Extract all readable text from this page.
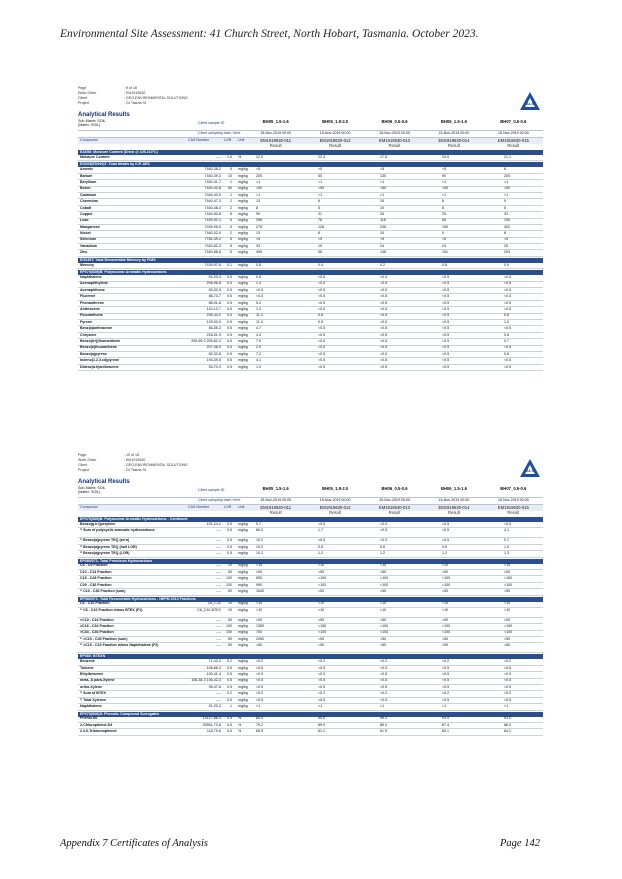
Environmental Site Assessment: 41 Church Street, North Hobart, Tasmania. October 2023.
Page	: 9 of 18
Work Order	: EM1919630
Client	: GEO-ENVIRONMENTAL SOLUTIONS
Project	: 24 Tasma St	ALS
Analytical Results
Sub-Matrix: SOIL
(Matrix: SOIL)	Client sample ID	BH05_1.5-1.6	BH05_1.8-2.0	BH06_0.5-0.6	BH06_1.5-1.6	BH07_0.5-0.6
Client sampling date / time	15-Nov-2019 00:00	15-Nov-2019 00:00	15-Nov-2019 00:00	15-Nov-2019 00:00	15-Nov-2019 00:00
Compound	CAS Number	LOR Unit	EM1919630-011	EM1919630-012	EM1919630-013	EM1919630-014	EM1919630-015
Result	Result	Result	Result	Result
EA055: Moisture Content (Dried @ 105-110°C)
Moisture Content	----	1.0 %	22.0	22.4	17.5	24.5	21.1
EG005(ED093)T: Total Metals by ICP-AES
Arsenic	7440-38-2	5 mg/kg <5	<5	<5	<5	6
Barium	7440-39-3	10 mg/kg 200	50	130	90	200
Beryllium	7440-41-7	1 mg/kg <1	<1	<1	<1	<1
Boron	7440-42-8	50 mg/kg <50	<50	<50	<50	<50
Cadmium	7440-43-9	1 mg/kg <1	<1	<1	<1	<1
Chromium	7440-47-3	2 mg/kg 13	6	15	8	9
Cobalt	7440-48-4	2 mg/kg 8	5	10	6	6
Copper	7440-50-8	5 mg/kg 90	31	25	25	33
Lead	7439-92-1	5 mg/kg 296	76	116	84	190
Manganese	7439-96-5	5 mg/kg 275	128	246	159	402
Nickel	7440-02-0	2 mg/kg 13	8	15	9	8
Selenium	7782-49-2	5 mg/kg <5	<5	<5	<5	<5
Vanadium	7440-62-2	5 mg/kg 33	19	24	24	20
Zinc	7440-66-6	5 mg/kg 499	96	148	101	203
EG035T: Total Recoverable Mercury by FIMS
Mercury	7439-97-6	0.1 mg/kg 0.8	0.4	0.2	0.8	0.9
EP075(SIM)B: Polynuclear Aromatic Hydrocarbons
Naphthalene	91-20-3	0.5 mg/kg 0.8	<0.5	<0.5	<0.5	<0.5
Acenaphthylene	208-96-8	0.5 mg/kg 1.4	<0.5	<0.5	<0.5	<0.5
Acenaphthene	83-32-9	0.5 mg/kg <0.5	<0.5	<0.5	<0.5	<0.5
Fluorene	86-73-7	0.5 mg/kg <0.5	<0.5	<0.5	<0.5	<0.5
Phenanthrene	85-01-8	0.5 mg/kg 5.2	<0.5	<0.5	<0.5	<0.5
Anthracene	120-12-7	0.5 mg/kg 1.3	<0.5	<0.5	<0.5	<0.5
Fluoranthene	206-44-0	0.5 mg/kg 11.4	0.8	<0.5	<0.5	0.8
Pyrene	129-00-0	0.5 mg/kg 11.4	0.9	<0.5	<0.5	1.0
Benz(a)anthracene	56-55-3	0.5 mg/kg 4.7	<0.5	<0.5	<0.5	<0.5
Chrysene	218-01-9	0.5 mg/kg 4.4	<0.5	<0.5	<0.5	0.6
Benzo(b+j)fluoranthene	205-99-2 205-82-3	0.5 mg/kg 7.9	<0.5	<0.5	<0.5	0.7
Benzo(k)fluoranthene	207-08-9	0.5 mg/kg 2.9	<0.5	<0.5	<0.5	<0.5
Benzo(a)pyrene	50-32-8	0.5 mg/kg 7.2	<0.5	<0.5	<0.5	0.6
Indeno(1.2.3.cd)pyrene	193-39-5	0.5 mg/kg 4.1	<0.5	<0.5	<0.5	<0.5
Dibenz(a.h)anthracene	53-70-3	0.5 mg/kg 1.0	<0.5	<0.5	<0.5	<0.5
Page	: 10 of 18
Work Order	: EM1919630
Client	: GEO-ENVIRONMENTAL SOLUTIONS
Project	: 24 Tasma St	ALS
Analytical Results
Sub-Matrix: SOIL
(Matrix: SOIL)	Client sample ID	BH05_1.5-1.6	BH05_1.8-2.0	BH06_0.5-0.6	BH06_1.5-1.6	BH07_0.5-0.6
Client sampling date / time	15-Nov-2019 00:00	15-Nov-2019 00:00	15-Nov-2019 00:00	15-Nov-2019 00:00	15-Nov-2019 00:00
Compound	CAS Number	LOR Unit	EM1919630-011	EM1919630-012	EM1919630-013	EM1919630-014	EM1919630-015
Result	Result	Result	Result	Result
EP075(SIM)B: Polynuclear Aromatic Hydrocarbons - Continued
Benzo(g.h.i)perylene	191-24-2	0.5 mg/kg 5.7	<0.5	<0.5	<0.5	<0.5
^ Sum of polycyclic aromatic hydrocarbons	----	0.5 mg/kg 69.3	1.7	<0.5	<0.5	4.1
^ Benzo(a)pyrene TEQ (zero)	----	0.5 mg/kg 10.2	<0.5	<0.5	<0.5	0.7
^ Benzo(a)pyrene TEQ (half LOR)	----	0.5 mg/kg 10.2	0.6	0.6	0.6	1.0
^ Benzo(a)pyrene TEQ (LOR)	----	0.5 mg/kg 10.2	1.2	1.2	1.2	1.3
EP080/071: Total Petroleum Hydrocarbons
C6 - C9 Fraction	----	10 mg/kg <10	<10	<10	<10	<10
C10 - C14 Fraction	----	50 mg/kg <50	<50	<50	<50	<50
C15 - C28 Fraction	----	100 mg/kg 650	<100	<100	<100	<100
C29 - C36 Fraction	----	100 mg/kg 990	<100	<100	<100	<100
^ C10 - C36 Fraction (sum)	----	50 mg/kg 1640	<50	<50	<50	<50
EP080/071: Total Recoverable Hydrocarbons - NEPM 2013 Fractions
C6 - C10 Fraction	C6_C10	10 mg/kg <10	<10	<10	<10	<10
^ C6 - C10 Fraction minus BTEX (F1)	C6_C10-BTEX	10 mg/kg <10	<10	<10	<10	<10
>C10 - C16 Fraction	----	50 mg/kg <50	<50	<50	<50	<50
>C16 - C34 Fraction	----	100 mg/kg 1350	<100	<100	<100	<100
>C34 - C40 Fraction	----	100 mg/kg 700	<100	<100	<100	<100
^ >C10 - C40 Fraction (sum)	----	50 mg/kg 2050	<50	<50	<50	<50
^ >C10 - C16 Fraction minus Naphthalene (F2)	----	50 mg/kg <50	<50	<50	<50	<50
EP080: BTEXN
Benzene	71-43-2	0.2 mg/kg <0.2	<0.2	<0.2	<0.2	<0.2
Toluene	108-88-3	0.5 mg/kg <0.5	<0.5	<0.5	<0.5	<0.5
Ethylbenzene	100-41-4	0.5 mg/kg <0.5	<0.5	<0.5	<0.5	<0.5
meta- & para-Xylene	108-38-3 106-42-3	0.5 mg/kg <0.5	<0.5	<0.5	<0.5	<0.5
ortho-Xylene	95-47-6	0.5 mg/kg <0.5	<0.5	<0.5	<0.5	<0.5
^ Sum of BTEX	----	0.2 mg/kg <0.2	<0.2	<0.2	<0.2	<0.2
^ Total Xylenes	----	0.5 mg/kg <0.5	<0.5	<0.5	<0.5	<0.5
Naphthalene	91-20-3	1 mg/kg <1	<1	<1	<1	<1
EP075(SIM)S: Phenolic Compound Surrogates
Phenol-d6	13127-88-3	0.5 %	84.0	95.5	96.3	93.9	93.0
2-Chlorophenol-D4	93951-73-6	0.5 %	79.2	89.9	89.0	87.4	86.0
2.4.6-Tribromophenol	118-79-6	0.5 %	65.9	61.1	61.9	60.1	64.1
Appendix 7 Certificates of Analysis	Page 142
